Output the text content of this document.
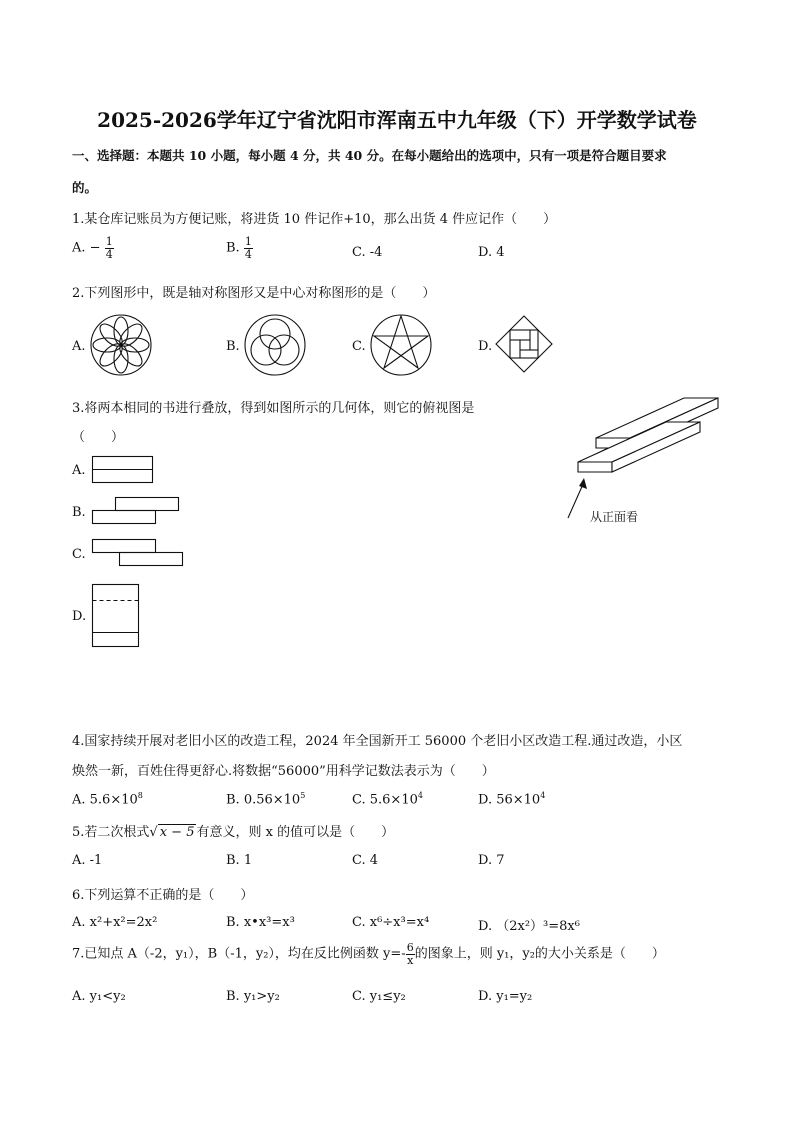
2025-2026学年辽宁省沈阳市浑南五中九年级（下）开学数学试卷
一、选择题：本题共 10 小题，每小题 4 分，共 40 分。在每小题给出的选项中，只有一项是符合题目要求
的。
1.某仓库记账员为方便记账，将进货 10 件记作+10，那么出货 4 件应记作（　　）
A. − $\frac{1}{4}$	B. $\frac{1}{4}$	C. -4	D. 4
2.下列图形中，既是轴对称图形又是中心对称图形的是（　　）
A.	B.	C.	D.
3.将两本相同的书进行叠放，得到如图所示的几何体，则它的俯视图是
（　　）
从正面看
A.
B.
C.
D.
4.国家持续开展对老旧小区的改造工程，2024 年全国新开工 56000 个老旧小区改造工程.通过改造，小区
焕然一新，百姓住得更舒心.将数据“56000”用科学记数法表示为（　　）
A. $5.6\times 10^8$	B. $0.56\times 10^5$	C. $5.6\times 10^4$	D. $56\times 10^4$
5.若二次根式√ x − 5 有意义，则 x 的值可以是（　　）
A. -1	B. 1	C. 4	D. 7
6.下列运算不正确的是（　　）
A. x²+x²=2x²	B. x•x³=x³	C. x⁶÷x³=x⁴	D. （2x²）³=8x⁶
7.已知点 A（-2，y₁），B（-1，y₂），均在反比例函数 $y=- \frac{6}{x}$ 的图象上，则 y₁，y₂的大小关系是（　　）
A. y₁<y₂	B. y₁>y₂	C. y₁≤y₂	D. y₁=y₂
